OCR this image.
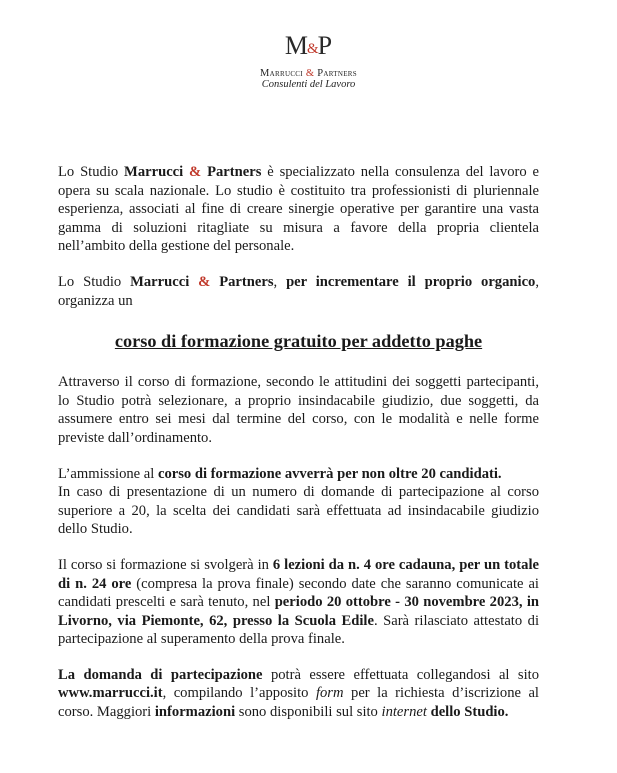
M&P
Marrucci & Partners
Consulenti del Lavoro

Lo Studio Marrucci & Partners è specializzato nella consulenza del lavoro e opera su scala nazionale. Lo studio è costituito tra professionisti di pluriennale esperienza, associati al fine di creare sinergie operative per garantire una vasta gamma di soluzioni ritagliate su misura a favore della propria clientela nell’ambito della gestione del personale.

Lo Studio Marrucci & Partners, per incrementare il proprio organico, organizza un

corso di formazione gratuito per addetto paghe

Attraverso il corso di formazione, secondo le attitudini dei soggetti partecipanti, lo Studio potrà selezionare, a proprio insindacabile giudizio, due soggetti, da assumere entro sei mesi dal termine del corso, con le modalità e nelle forme previste dall’ordinamento.

L’ammissione al corso di formazione avverrà per non oltre 20 candidati.
In caso di presentazione di un numero di domande di partecipazione al corso superiore a 20, la scelta dei candidati sarà effettuata ad insindacabile giudizio dello Studio.

Il corso si formazione si svolgerà in 6 lezioni da n. 4 ore cadauna, per un totale di n. 24 ore (compresa la prova finale) secondo date che saranno comunicate ai candidati prescelti e sarà tenuto, nel periodo 20 ottobre - 30 novembre 2023, in Livorno, via Piemonte, 62, presso la Scuola Edile. Sarà rilasciato attestato di partecipazione al superamento della prova finale.

La domanda di partecipazione potrà essere effettuata collegandosi al sito www.marrucci.it, compilando l’apposito form per la richiesta d’iscrizione al corso. Maggiori informazioni sono disponibili sul sito internet dello Studio.
